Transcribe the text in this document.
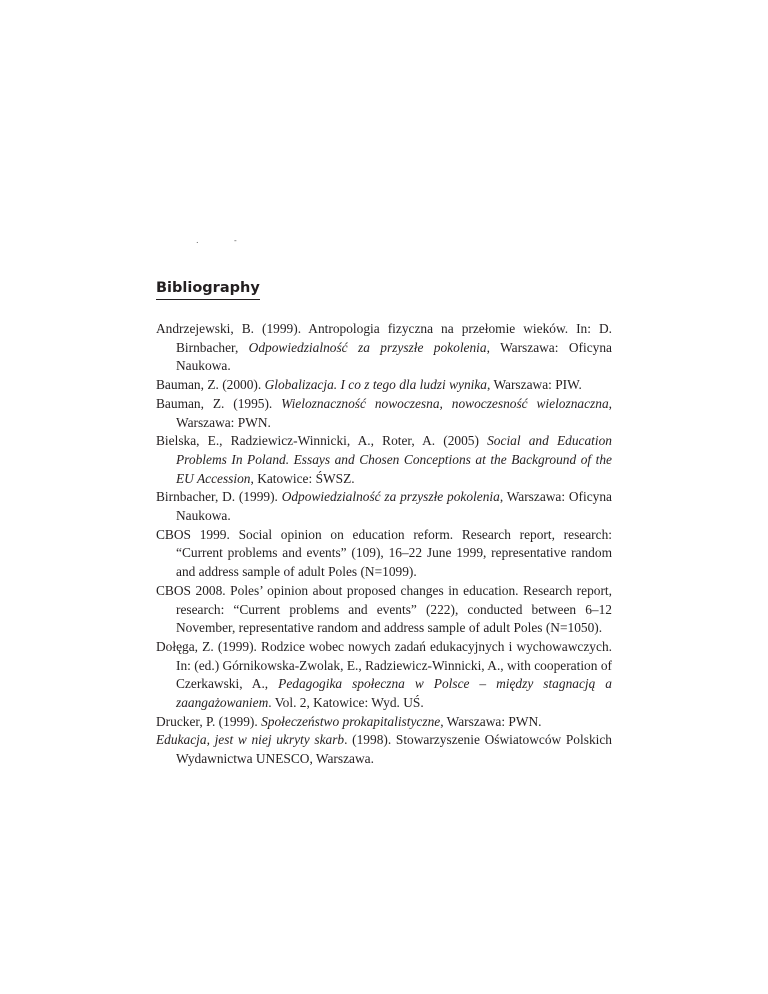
.	-
Bibliography

Andrzejewski, B. (1999). Antropologia fizyczna na przełomie wieków. In: D. Birnbacher, Odpowiedzialność za przyszłe pokolenia, Warszawa: Oficyna Naukowa.

Bauman, Z. (2000). Globalizacja. I co z tego dla ludzi wynika, Warszawa: PIW.

Bauman, Z. (1995). Wieloznaczność nowoczesna, nowoczesność wieloznaczna, Warszawa: PWN.

Bielska, E., Radziewicz-Winnicki, A., Roter, A. (2005) Social and Education Problems In Poland. Essays and Chosen Conceptions at the Background of the EU Accession, Katowice: ŚWSZ.

Birnbacher, D. (1999). Odpowiedzialność za przyszłe pokolenia, Warszawa: Oficyna Naukowa.

CBOS 1999. Social opinion on education reform. Research report, research: “Current problems and events” (109), 16–22 June 1999, representative random and address sample of adult Poles (N=1099).

CBOS 2008. Poles’ opinion about proposed changes in education. Research report, research: “Current problems and events” (222), conducted between 6–12 November, representative random and address sample of adult Poles (N=1050).

Dołęga, Z. (1999). Rodzice wobec nowych zadań edukacyjnych i wychowawczych. In: (ed.) Górnikowska-Zwolak, E., Radziewicz-Winnicki, A., with cooperation of Czerkawski, A., Pedagogika społeczna w Polsce – między stagnacją a zaangażowaniem. Vol. 2, Katowice: Wyd. UŚ.

Drucker, P. (1999). Społeczeństwo prokapitalistyczne, Warszawa: PWN.

Edukacja, jest w niej ukryty skarb. (1998). Stowarzyszenie Oświatowców Polskich Wydawnictwa UNESCO, Warszawa.
